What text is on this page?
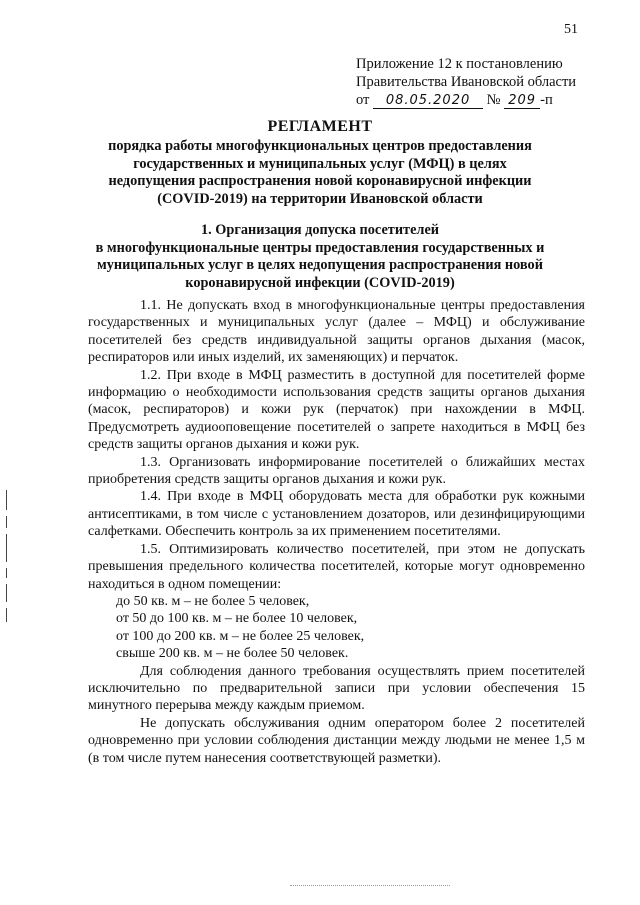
51
Приложение 12 к постановлению
Правительства Ивановской области
от 08.05.2020 № 209 -п
РЕГЛАМЕНТ
порядка работы многофункциональных центров предоставления
государственных и муниципальных услуг (МФЦ) в целях
недопущения распространения новой коронавирусной инфекции
(COVID-2019) на территории Ивановской области
1. Организация допуска посетителей
в многофункциональные центры предоставления государственных и
муниципальных услуг в целях недопущения распространения новой
коронавирусной инфекции (COVID-2019)

1.1. Не допускать вход в многофункциональные центры предоставления государственных и муниципальных услуг (далее – МФЦ) и обслуживание посетителей без средств индивидуальной защиты органов дыхания (масок, респираторов или иных изделий, их заменяющих) и перчаток.

1.2. При входе в МФЦ разместить в доступной для посетителей форме информацию о необходимости использования средств защиты органов дыхания (масок, респираторов) и кожи рук (перчаток) при нахождении в МФЦ. Предусмотреть аудиооповещение посетителей о запрете находиться в МФЦ без средств защиты органов дыхания и кожи рук.

1.3. Организовать информирование посетителей о ближайших местах приобретения средств защиты органов дыхания и кожи рук.

1.4. При входе в МФЦ оборудовать места для обработки рук кожными антисептиками, в том числе с установлением дозаторов, или дезинфицирующими салфетками. Обеспечить контроль за их применением посетителями.

1.5. Оптимизировать количество посетителей, при этом не допускать превышения предельного количества посетителей, которые могут одновременно находиться в одном помещении:

до 50 кв. м – не более 5 человек,

от 50 до 100 кв. м – не более 10 человек,

от 100 до 200 кв. м – не более 25 человек,

свыше 200 кв. м – не более 50 человек.

Для соблюдения данного требования осуществлять прием посетителей исключительно по предварительной записи при условии обеспечения 15 минутного перерыва между каждым приемом.

Не допускать обслуживания одним оператором более 2 посетителей одновременно при условии соблюдения дистанции между людьми не менее 1,5 м (в том числе путем нанесения соответствующей разметки).
